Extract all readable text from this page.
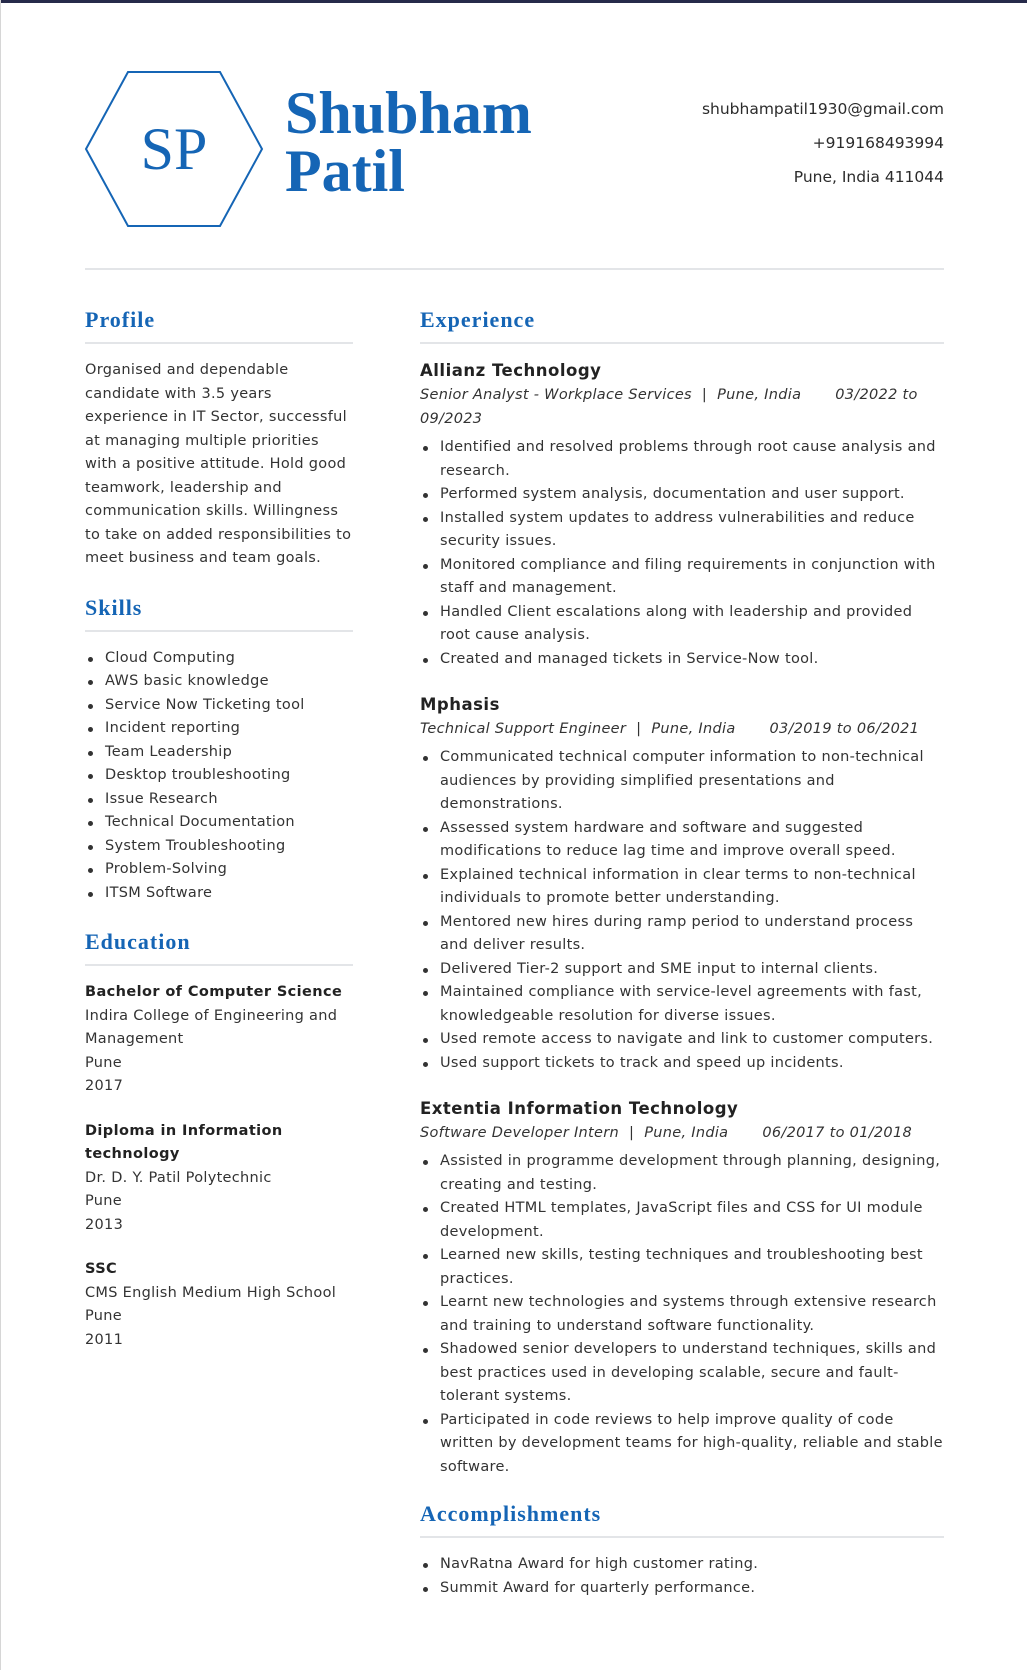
SP
Shubham
Patil
shubhampatil1930@gmail.com
+919168493994
Pune, India 411044
Profile

Organised and dependable candidate with 3.5 years experience in IT Sector, successful at managing multiple priorities with a positive attitude. Hold good teamwork, leadership and communication skills. Willingness to take on added responsibilities to meet business and team goals.

Skills
Cloud Computing
AWS basic knowledge
Service Now Ticketing tool
Incident reporting
Team Leadership
Desktop troubleshooting
Issue Research
Technical Documentation
System Troubleshooting
Problem-Solving
ITSM Software
Education
Bachelor of Computer Science
Indira College of Engineering and Management
Pune
2017
Diploma in Information technology
Dr. D. Y. Patil Polytechnic
Pune
2013
SSC
CMS English Medium High School
Pune
2011
Experience
Allianz Technology
Senior Analyst - Workplace Services | Pune, India 03/2022 to 09/2023
Identified and resolved problems through root cause analysis and research.
Performed system analysis, documentation and user support.
Installed system updates to address vulnerabilities and reduce security issues.
Monitored compliance and filing requirements in conjunction with staff and management.
Handled Client escalations along with leadership and provided root cause analysis.
Created and managed tickets in Service-Now tool.
Mphasis
Technical Support Engineer | Pune, India 03/2019 to 06/2021
Communicated technical computer information to non-technical audiences by providing simplified presentations and demonstrations.
Assessed system hardware and software and suggested modifications to reduce lag time and improve overall speed.
Explained technical information in clear terms to non-technical individuals to promote better understanding.
Mentored new hires during ramp period to understand process and deliver results.
Delivered Tier-2 support and SME input to internal clients.
Maintained compliance with service-level agreements with fast, knowledgeable resolution for diverse issues.
Used remote access to navigate and link to customer computers.
Used support tickets to track and speed up incidents.
Extentia Information Technology
Software Developer Intern | Pune, India 06/2017 to 01/2018
Assisted in programme development through planning, designing, creating and testing.
Created HTML templates, JavaScript files and CSS for UI module development.
Learned new skills, testing techniques and troubleshooting best practices.
Learnt new technologies and systems through extensive research and training to understand software functionality.
Shadowed senior developers to understand techniques, skills and best practices used in developing scalable, secure and fault-tolerant systems.
Participated in code reviews to help improve quality of code written by development teams for high-quality, reliable and stable software.
Accomplishments
NavRatna Award for high customer rating.
Summit Award for quarterly performance.
